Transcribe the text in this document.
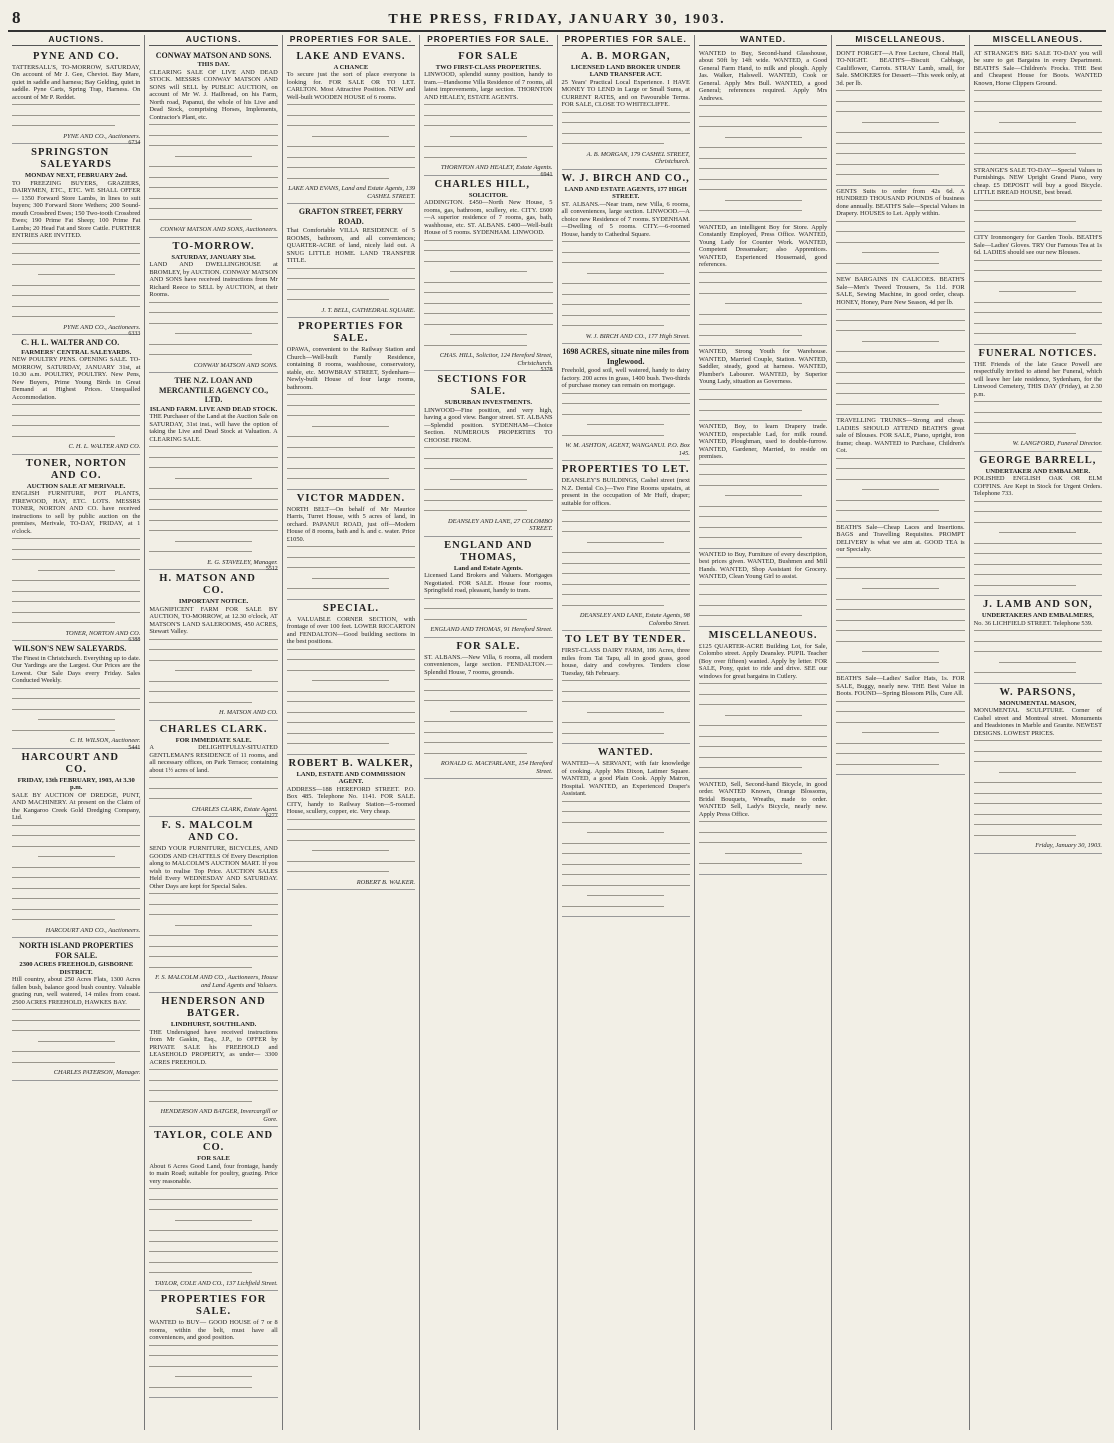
8	THE PRESS, FRIDAY, JANUARY 30, 1903.
AUCTIONS.
PYNE AND CO.
TATTERSALL'S, TO-MORROW, SATURDAY, On account of Mr J. Gee, Cheviot. Bay Mare, quiet in saddle and harness; Bay Gelding, quiet in saddle. Pyne Carts, Spring Trap, Harness. On account of Mr P. Reddet.
PYNE AND CO., Auctioneers.
6734
SPRINGSTON SALEYARDS
MONDAY NEXT, FEBRUARY 2nd.
TO FREEZING BUYERS, GRAZIERS, DAIRYMEN, ETC., ETC. WE SHALL OFFER— 1350 Forward Store Lambs, in lines to suit buyers; 300 Forward Store Wethers; 200 Sound-mouth Crossbred Ewes; 150 Two-tooth Crossbred Ewes; 190 Prime Fat Sheep; 100 Prime Fat Lambs; 20 Head Fat and Store Cattle. FURTHER ENTRIES ARE INVITED.
PYNE AND CO., Auctioneers.
6333
C. H. L. WALTER AND CO.
FARMERS' CENTRAL SALEYARDS.
NEW POULTRY PENS. OPENING SALE. TO-MORROW, SATURDAY, JANUARY 31st, at 10.30 a.m. POULTRY, POULTRY. New Pens, New Buyers, Prime Young Birds in Great Demand at Highest Prices. Unequalled Accommodation.
C. H. L. WALTER AND CO.
TONER, NORTON AND CO.
AUCTION SALE AT MERIVALE.
ENGLISH FURNITURE, POT PLANTS, FIREWOOD, HAY, ETC. LOTS. MESSRS TONER, NORTON AND CO. have received instructions to sell by public auction on the premises, Merivale, TO-DAY, FRIDAY, at 1 o'clock.
TONER, NORTON AND CO.
6388
WILSON'S NEW SALEYARDS.
The Finest in Christchurch. Everything up to date. Our Yardings are the Largest. Our Prices are the Lowest. Our Sale Days every Friday. Sales Conducted Weekly.
C. H. WILSON, Auctioneer.
5441
HARCOURT AND CO.
FRIDAY, 13th FEBRUARY, 1903, At 3.30 p.m.
SALE BY AUCTION OF DREDGE, PUNT, AND MACHINERY. At present on the Claim of the Kangaroo Creek Gold Dredging Company, Ltd.
HARCOURT AND CO., Auctioneers.
NORTH ISLAND PROPERTIES FOR SALE.
2300 ACRES FREEHOLD, GISBORNE DISTRICT.
Hill country, about 250 Acres Flats, 1300 Acres fallen bush, balance good bush country. Valuable grazing run, well watered, 14 miles from coast. 2500 ACRES FREEHOLD, HAWKES BAY.
CHARLES PATERSON, Manager.
AUCTIONS.
CONWAY MATSON AND SONS.
THIS DAY.
CLEARING SALE OF LIVE AND DEAD STOCK. MESSRS CONWAY MATSON AND SONS will SELL by PUBLIC AUCTION, on account of Mr W. J. Hailbread, on his Farm, North road, Papanui, the whole of his Live and Dead Stock, comprising Horses, Implements, Contractor's Plant, etc.
CONWAY MATSON AND SONS, Auctioneers.
TO-MORROW.
SATURDAY, JANUARY 31st.
LAND AND DWELLINGHOUSE at BROMLEY, by AUCTION. CONWAY MATSON AND SONS have received instructions from Mr Richard Reece to SELL by AUCTION, at their Rooms.
CONWAY MATSON AND SONS.
THE N.Z. LOAN AND MERCANTILE AGENCY CO., LTD.
ISLAND FARM. LIVE AND DEAD STOCK.
THE Purchaser of the Land at the Auction Sale on SATURDAY, 31st inst., will have the option of taking the Live and Dead Stock at Valuation. A CLEARING SALE.
E. G. STAVELEY, Manager.
5512
H. MATSON AND CO.
IMPORTANT NOTICE.
MAGNIFICENT FARM FOR SALE BY AUCTION, TO-MORROW, at 12.30 o'clock, AT MATSON'S LAND SALEROOMS, 450 ACRES, Stewart Valley.
H. MATSON AND CO.
CHARLES CLARK.
FOR IMMEDIATE SALE.
A DELIGHTFULLY-SITUATED GENTLEMAN'S RESIDENCE of 11 rooms, and all necessary offices, on Park Terrace; containing about 1½ acres of land.
CHARLES CLARK, Estate Agent.
6277
F. S. MALCOLM AND CO.
SEND YOUR FURNITURE, BICYCLES, AND GOODS AND CHATTELS Of Every Description along to MALCOLM'S AUCTION MART. If you wish to realise Top Price. AUCTION SALES Held Every WEDNESDAY AND SATURDAY. Other Days are kept for Special Sales.
F. S. MALCOLM AND CO., Auctioneers, House and Land Agents and Valuers.
HENDERSON AND BATGER.
LINDHURST, SOUTHLAND.
THE Undersigned have received instructions from Mr Gaskin, Esq., J.P., to OFFER by PRIVATE SALE his FREEHOLD and LEASEHOLD PROPERTY, as under— 3300 ACRES FREEHOLD.
HENDERSON AND BATGER, Invercargill or Gore.
TAYLOR, COLE AND CO.
FOR SALE
About 6 Acres Good Land, four frontage, handy to main Road; suitable for poultry, grazing. Price very reasonable.
TAYLOR, COLE AND CO., 137 Lichfield Street.
PROPERTIES FOR SALE.
WANTED to BUY— GOOD HOUSE of 7 or 8 rooms, within the belt, must have all conveniences, and good position.
PROPERTIES FOR SALE.
LAKE AND EVANS.
A CHANCE
To secure just the sort of place everyone is looking for. FOR SALE OR TO LET. CARLTON. Most Attractive Position. NEW and Well-built WOODEN HOUSE of 6 rooms.
LAKE AND EVANS, Land and Estate Agents, 139 CASHEL STREET.
GRAFTON STREET, FERRY ROAD.
That Comfortable VILLA RESIDENCE of 5 ROOMS, bathroom, and all conveniences; QUARTER-ACRE of land, nicely laid out. A SNUG LITTLE HOME. LAND TRANSFER TITLE.
J. T. BELL, CATHEDRAL SQUARE.
PROPERTIES FOR SALE.
OPAWA, convenient to the Railway Station and Church—Well-built Family Residence, containing 8 rooms, washhouse, conservatory, stable, etc. MOWBRAY STREET, Sydenham—Newly-built House of four large rooms, bathroom.
VICTOR MADDEN.
NORTH BELT—On behalf of Mr Maurice Harris, Turret House, with 5 acres of land, in orchard. PAPANUI ROAD, just off—Modern House of 8 rooms, bath and h. and c. water. Price £1050.
SPECIAL.
A VALUABLE CORNER SECTION, with frontage of over 100 feet. LOWER RICCARTON and FENDALTON—Good building sections in the best positions.
ROBERT B. WALKER,
LAND, ESTATE AND COMMISSION AGENT.
ADDRESS—188 HEREFORD STREET. P.O. Box 485. Telephone No. 1141. FOR SALE. CITY, handy to Railway Station—5-roomed House, scullery, copper, etc. Very cheap.
ROBERT B. WALKER.
PROPERTIES FOR SALE.
FOR SALE
TWO FIRST-CLASS PROPERTIES.
LINWOOD, splendid sunny position, handy to tram.—Handsome Villa Residence of 7 rooms, all latest improvements, large section. THORNTON AND HEALEY, ESTATE AGENTS.
THORNTON AND HEALEY, Estate Agents.
6941
CHARLES HILL,
SOLICITOR.
ADDINGTON. £450—North New House, 5 rooms, gas, bathroom, scullery, etc. CITY. £600—A superior residence of 7 rooms, gas, bath, washhouse, etc. ST. ALBANS. £400—Well-built House of 5 rooms. SYDENHAM. LINWOOD.
CHAS. HILL, Solicitor, 124 Hereford Street, Christchurch.
5378
SECTIONS FOR SALE.
SUBURBAN INVESTMENTS.
LINWOOD—Fine position, and very high, having a good view. Bangor street. ST. ALBANS—Splendid position. SYDENHAM—Choice Section. NUMEROUS PROPERTIES TO CHOOSE FROM.
DEANSLEY AND LANE, 27 COLOMBO STREET.
ENGLAND AND THOMAS,
Land and Estate Agents.
Licensed Land Brokers and Valuers. Mortgages Negotiated. FOR SALE. House four rooms, Springfield road, pleasant, handy to tram.
ENGLAND AND THOMAS, 91 Hereford Street.
FOR SALE.
ST. ALBANS.—New Villa, 6 rooms, all modern conveniences, large section. FENDALTON.—Splendid House, 7 rooms, grounds.
RONALD G. MACFARLANE, 154 Hereford Street.
PROPERTIES FOR SALE.
A. B. MORGAN,
LICENSED LAND BROKER UNDER LAND TRANSFER ACT.
25 Years' Practical Local Experience. I HAVE MONEY TO LEND in Large or Small Sums, at CURRENT RATES, and on Favourable Terms. FOR SALE, CLOSE TO WHITECLIFFE.
A. B. MORGAN, 179 CASHEL STREET, Christchurch.
W. J. BIRCH AND CO.,
LAND AND ESTATE AGENTS, 177 HIGH STREET.
ST. ALBANS.—Near tram, new Villa, 6 rooms, all conveniences, large section. LINWOOD.—A choice new Residence of 7 rooms. SYDENHAM.—Dwelling of 5 rooms. CITY.—6-roomed House, handy to Cathedral Square.
W. J. BIRCH AND CO., 177 High Street.
1698 ACRES, situate nine miles from Inglewood.
Freehold, good soil, well watered, handy to dairy factory. 200 acres in grass, 1400 bush. Two-thirds of purchase money can remain on mortgage.
W. M. ASHTON, AGENT, WANGANUI. P.O. Box 145.
PROPERTIES TO LET.
DEANSLEY'S BUILDINGS, Cashel street (next N.Z. Dental Co.)—Two Fine Rooms upstairs, at present in the occupation of Mr Huff, draper; suitable for offices.
DEANSLEY AND LANE, Estate Agents, 98 Colombo Street.
TO LET BY TENDER.
FIRST-CLASS DAIRY FARM, 186 Acres, three miles from Tai Tapu, all in good grass, good house, dairy and cowbyres. Tenders close Tuesday, 6th February.
WANTED.
WANTED—A SERVANT, with fair knowledge of cooking. Apply Mrs Dixon, Latimer Square. WANTED, a good Plain Cook. Apply Matron, Hospital. WANTED, an Experienced Draper's Assistant.
WANTED.
WANTED to Buy, Second-hand Glasshouse, about 50ft by 14ft wide. WANTED, a Good General Farm Hand, to milk and plough. Apply Jas. Walker, Halswell. WANTED, Cook or General. Apply Mrs Bull. WANTED, a good General; references required. Apply Mrs Andrews.
WANTED, an intelligent Boy for Store. Apply Constantly Employed, Press Office. WANTED, Young Lady for Counter Work. WANTED, Competent Dressmaker; also Apprentices. WANTED, Experienced Housemaid, good references.
WANTED, Strong Youth for Warehouse. WANTED, Married Couple, Station. WANTED, Saddler, steady, good at harness. WANTED, Plumber's Labourer. WANTED, by Superior Young Lady, situation as Governess.
WANTED, Boy, to learn Drapery trade. WANTED, respectable Lad, for milk round. WANTED, Ploughman, used to double-furrow. WANTED, Gardener, Married, to reside on premises.
WANTED to Buy, Furniture of every description, best prices given. WANTED, Bushmen and Mill Hands. WANTED, Shop Assistant for Grocery. WANTED, Clean Young Girl to assist.
MISCELLANEOUS.
£125 QUARTER-ACRE Building Lot, for Sale, Colombo street. Apply Deansley. PUPIL Teacher (Boy over fifteen) wanted. Apply by letter. FOR SALE, Pony, quiet to ride and drive. SEE our windows for great bargains in Cutlery.
WANTED, Sell, Second-hand Bicycle, in good order. WANTED Known, Orange Blossoms, Bridal Bouquets, Wreaths, made to order. WANTED Sell, Lady's Bicycle, nearly new. Apply Press Office.
MISCELLANEOUS.
DON'T FORGET—A Free Lecture, Choral Hall, TO-NIGHT. BEATH'S—Biscuit Cabbage, Cauliflower, Carrots. STRAY Lamb, small, for Sale. SMOKERS for Dessert—This week only, at 3d. per lb.
GENTS Suits to order from 42s 6d. A HUNDRED THOUSAND POUNDS of business done annually. BEATH'S Sale—Special Values in Drapery. HOUSES to Let. Apply within.
NEW BARGAINS IN CALICOES. BEATH'S Sale—Men's Tweed Trousers, 5s 11d. FOR SALE, Sewing Machine, in good order, cheap. HONEY, Honey, Pure New Season, 4d per lb.
TRAVELLING TRUNKS—Strong and cheap. LADIES SHOULD ATTEND BEATH'S great sale of Blouses. FOR SALE, Piano, upright, iron frame; cheap. WANTED to Purchase, Children's Cot.
BEATH'S Sale—Cheap Laces and Insertions. BAGS and Travelling Requisites. PROMPT DELIVERY is what we aim at. GOOD TEA is our Specialty.
BEATH'S Sale—Ladies' Sailor Hats, 1s. FOR SALE, Buggy, nearly new. THE Best Value in Boots. FOUND—Spring Blossom Pills, Cure All.
MISCELLANEOUS.
AT STRANGE'S BIG SALE TO-DAY you will be sure to get Bargains in every Department. BEATH'S Sale—Children's Frocks. THE Best and Cheapest House for Boots. WANTED Known, Horse Clippers Ground.
STRANGE'S SALE TO-DAY—Special Values in Furnishings. NEW Upright Grand Piano, very cheap. £5 DEPOSIT will buy a good Bicycle. LITTLE BREAD HOUSE, best bread.
CITY Ironmongery for Garden Tools. BEATH'S Sale—Ladies' Gloves. TRY Our Famous Tea at 1s 6d. LADIES should see our new Blouses.
FUNERAL NOTICES.
THE Friends of the late Grace Powell are respectfully invited to attend her Funeral, which will leave her late residence, Sydenham, for the Linwood Cemetery, THIS DAY (Friday), at 2.30 p.m.
W. LANGFORD, Funeral Director.
GEORGE BARRELL,
UNDERTAKER AND EMBALMER.
POLISHED ENGLISH OAK OR ELM COFFINS. Are Kept in Stock for Urgent Orders. Telephone 733.
J. LAMB AND SON,
UNDERTAKERS AND EMBALMERS,
No. 36 LICHFIELD STREET. Telephone 539.
W. PARSONS,
MONUMENTAL MASON,
MONUMENTAL SCULPTURE. Corner of Cashel street and Montreal street. Monuments and Headstones in Marble and Granite. NEWEST DESIGNS. LOWEST PRICES.
Friday, January 30, 1903.
